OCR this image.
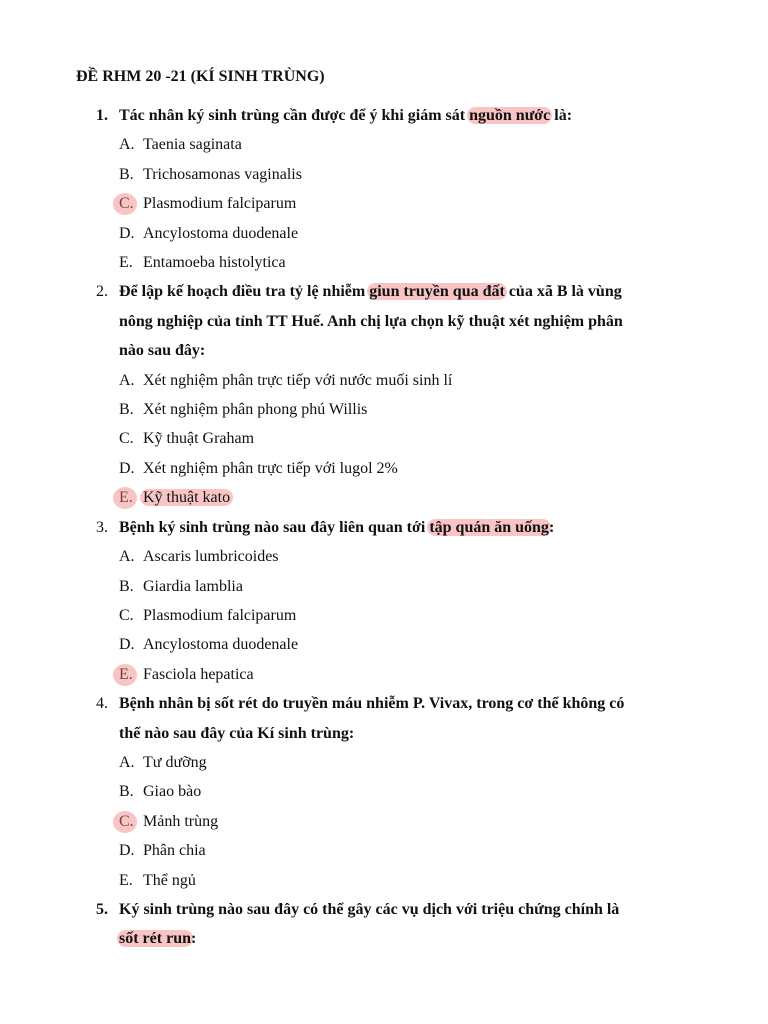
ĐỀ RHM 20 -21 (KÍ SINH TRÙNG)
1. Tác nhân ký sinh trùng cần được để ý khi giám sát nguồn nước là:
A. Taenia saginata
B. Trichosamonas vaginalis
C. Plasmodium falciparum
D. Ancylostoma duodenale
E. Entamoeba histolytica
2. Để lập kế hoạch điều tra tỷ lệ nhiễm giun truyền qua đất của xã B là vùng
nông nghiệp của tỉnh TT Huế. Anh chị lựa chọn kỹ thuật xét nghiệm phân
nào sau đây:
A. Xét nghiệm phân trực tiếp với nước muối sinh lí
B. Xét nghiệm phân phong phú Willis
C. Kỹ thuật Graham
D. Xét nghiệm phân trực tiếp với lugol 2%
E. Kỹ thuật kato
3. Bệnh ký sinh trùng nào sau đây liên quan tới tập quán ăn uống:
A. Ascaris lumbricoides
B. Giardia lamblia
C. Plasmodium falciparum
D. Ancylostoma duodenale
E. Fasciola hepatica
4. Bệnh nhân bị sốt rét do truyền máu nhiễm P. Vivax, trong cơ thể không có
thể nào sau đây của Kí sinh trùng:
A. Tư dưỡng
B. Giao bào
C. Mảnh trùng
D. Phân chia
E. Thể ngủ
5. Ký sinh trùng nào sau đây có thể gây các vụ dịch với triệu chứng chính là
sốt rét run:
